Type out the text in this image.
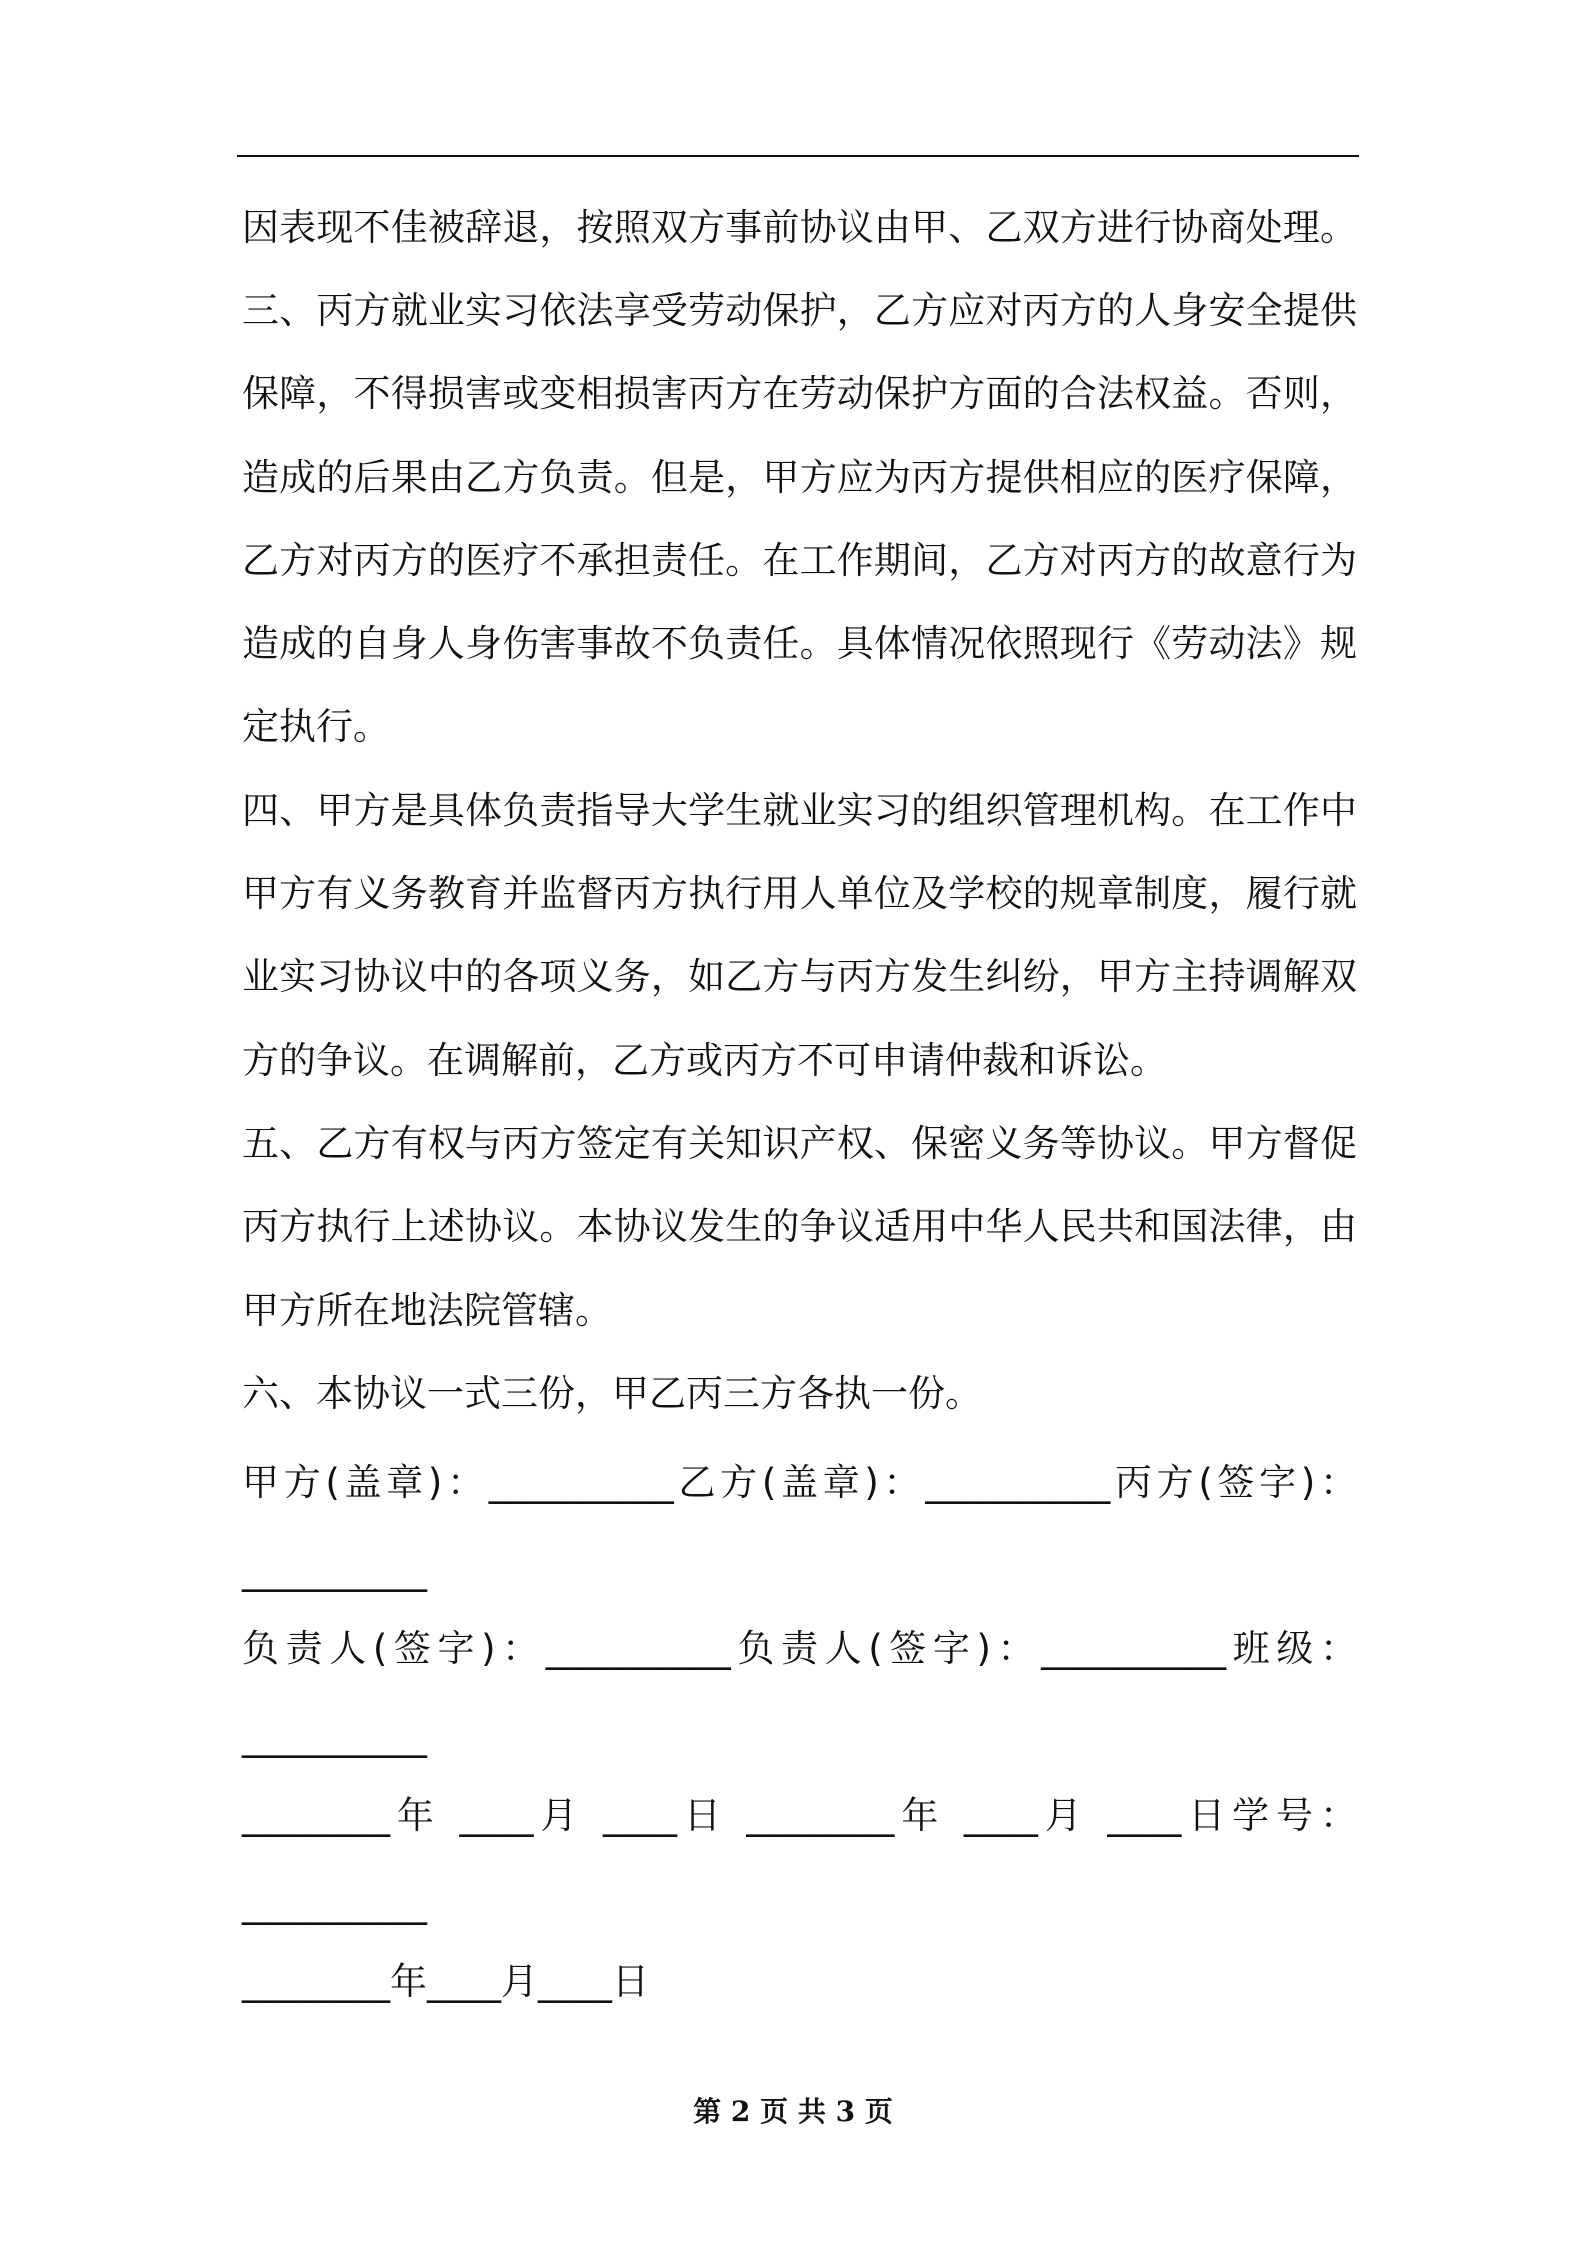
因表现不佳被辞退，按照双方事前协议由甲、乙双方进行协商处理。
三、丙方就业实习依法享受劳动保护，乙方应对丙方的人身安全提供
保障，不得损害或变相损害丙方在劳动保护方面的合法权益。否则，
造成的后果由乙方负责。但是，甲方应为丙方提供相应的医疗保障，
乙方对丙方的医疗不承担责任。在工作期间，乙方对丙方的故意行为
造成的自身人身伤害事故不负责任。具体情况依照现行《劳动法》规
定执行。
四、甲方是具体负责指导大学生就业实习的组织管理机构。在工作中
甲方有义务教育并监督丙方执行用人单位及学校的规章制度，履行就
业实习协议中的各项义务，如乙方与丙方发生纠纷，甲方主持调解双
方的争议。在调解前，乙方或丙方不可申请仲裁和诉讼。
五、乙方有权与丙方签定有关知识产权、保密义务等协议。甲方督促
丙方执行上述协议。本协议发生的争议适用中华人民共和国法律，由
甲方所在地法院管辖。
六、本协议一式三份，甲乙丙三方各执一份。
甲方(盖章)：__________乙方(盖章)：__________丙方(签字)：
__________
负责人(签字)：__________负责人(签字)：__________班级：
__________
________年 ____月 ____日 ________年 ____月 ____日学号：
__________
________年____月____日
第 2 页 共 3 页
